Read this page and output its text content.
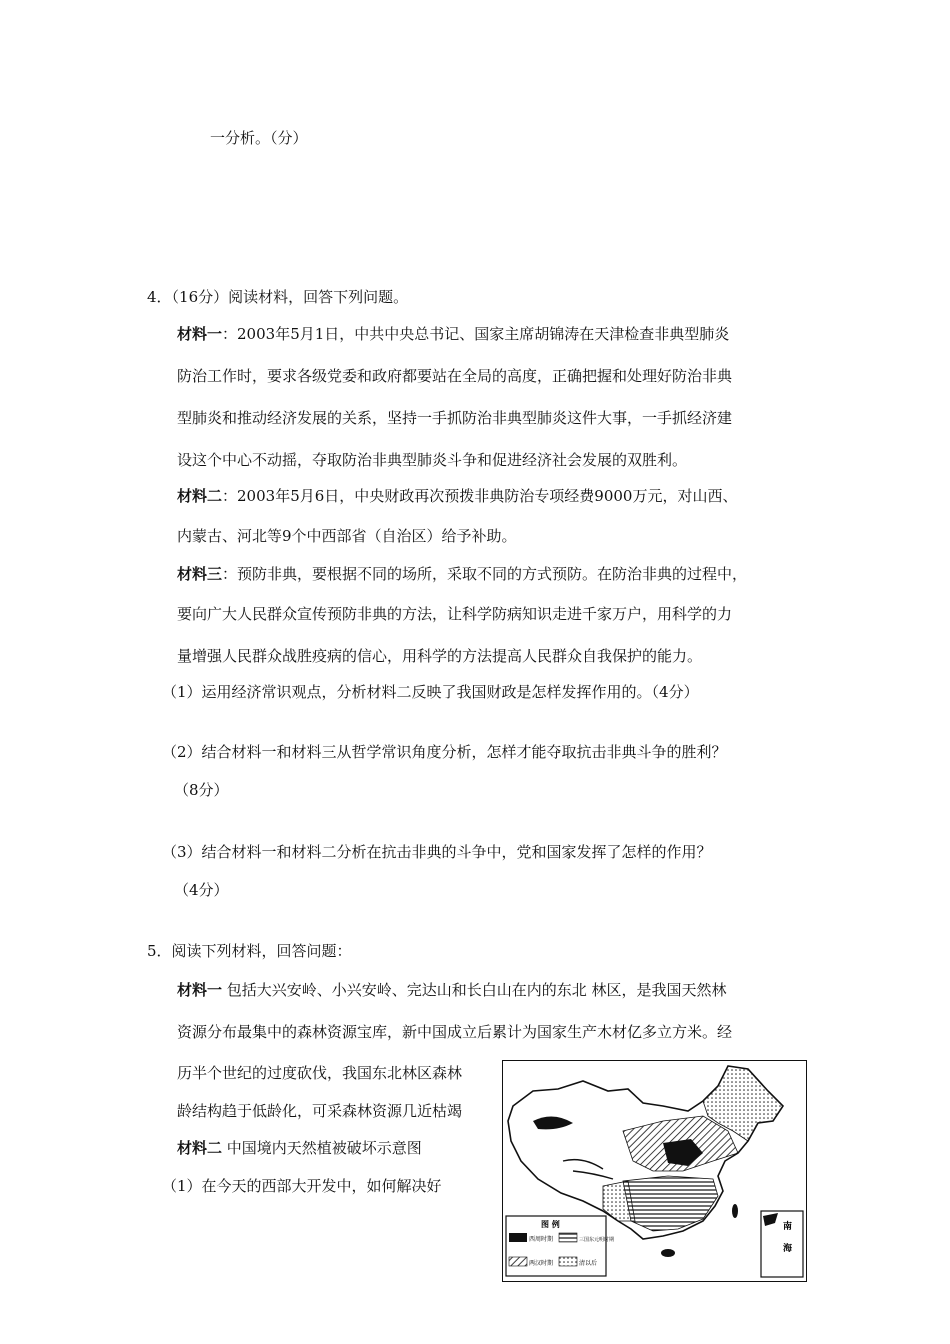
一分析。（分）
4．（16分）阅读材料，回答下列问题。
材料一：2003年5月1日，中共中央总书记、国家主席胡锦涛在天津检查非典型肺炎
防治工作时，要求各级党委和政府都要站在全局的高度，正确把握和处理好防治非典
型肺炎和推动经济发展的关系，坚持一手抓防治非典型肺炎这件大事，一手抓经济建
设这个中心不动摇，夺取防治非典型肺炎斗争和促进经济社会发展的双胜利。
材料二：2003年5月6日，中央财政再次预拨非典防治专项经费9000万元，对山西、
内蒙古、河北等9个中西部省（自治区）给予补助。
材料三：预防非典，要根据不同的场所，采取不同的方式预防。在防治非典的过程中，
要向广大人民群众宣传预防非典的方法，让科学防病知识走进千家万户，用科学的力
量增强人民群众战胜疫病的信心，用科学的方法提高人民群众自我保护的能力。
（1）运用经济常识观点，分析材料二反映了我国财政是怎样发挥作用的。（4分）
（2）结合材料一和材料三从哲学常识角度分析，怎样才能夺取抗击非典斗争的胜利？
（8分）
（3）结合材料一和材料二分析在抗击非典的斗争中，党和国家发挥了怎样的作用？
（4分）
5．阅读下列材料，回答问题：
材料一 包括大兴安岭、小兴安岭、完达山和长白山在内的东北 林区，是我国天然林
资源分布最集中的森林资源宝库，新中国成立后累计为国家生产木材亿多立方米。经
历半个世纪的过度砍伐，我国东北林区森林
龄结构趋于低龄化，可采森林资源几近枯竭
材料二 中国境内天然植被破坏示意图
（1）在今天的西部大开发中，如何解决好
图 例
西周时期	三国东元明时期
两汉时期	清以后
南
海
